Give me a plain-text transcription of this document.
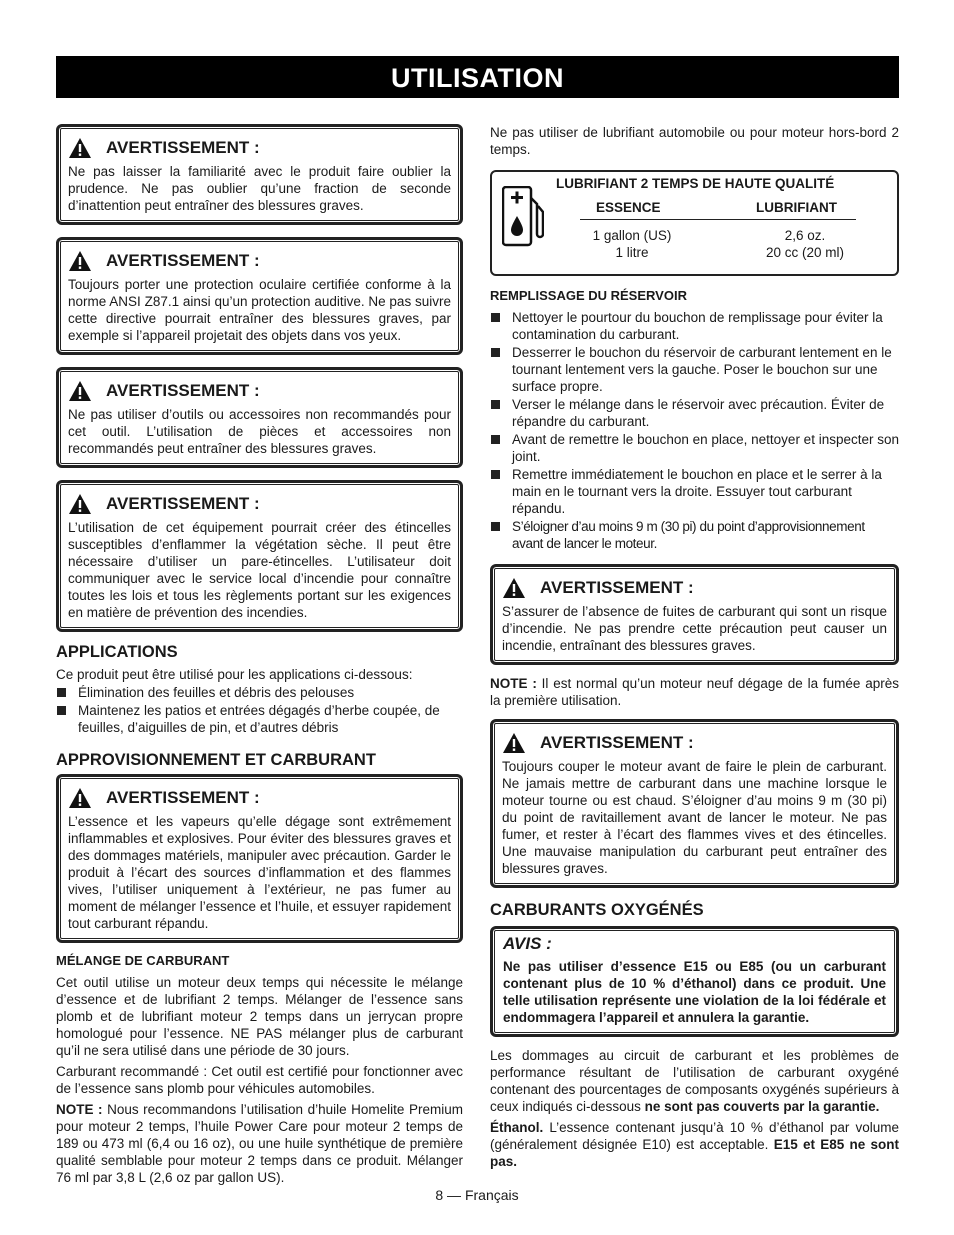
UTILISATION
AVERTISSEMENT :

Ne pas laisser la familiarité avec le produit faire oublier la prudence. Ne pas oublier qu’une fraction de seconde d’inattention peut entraîner des blessures graves.

AVERTISSEMENT :

Toujours porter une protection oculaire certifiée conforme à la norme ANSI Z87.1 ainsi qu’un protection auditive. Ne pas suivre cette directive pourrait entraîner des blessures graves, par exemple si l’appareil projetait des objets dans vos yeux.

AVERTISSEMENT :

Ne pas utiliser d’outils ou accessoires non recommandés pour cet outil. L’utilisation de pièces et accessoires non recommandés peut entraîner des blessures graves.

AVERTISSEMENT :

L’utilisation de cet équipement pourrait créer des étincelles susceptibles d’enflammer la végétation sèche. Il peut être nécessaire d’utiliser un pare-étincelles. L’utilisateur doit communiquer avec le service local d’incendie pour connaître toutes les lois et tous les règlements portant sur les exigences en matière de prévention des incendies.

APPLICATIONS

Ce produit peut être utilisé pour les applications ci-dessous:

Élimination des feuilles et débris des pelouses
Maintenez les patios et entrées dégagés d’herbe coupée, de feuilles, d’aiguilles de pin, et d’autres débris
APPROVISIONNEMENT ET CARBURANT
AVERTISSEMENT :

L’essence et les vapeurs qu’elle dégage sont extrêmement inflammables et explosives. Pour éviter des blessures graves et des dommages matériels, manipuler avec précaution. Garder le produit à l’écart des sources d’inflammation et des flammes vives, l’utiliser uniquement à l’extérieur, ne pas fumer au moment de mélanger l’essence et l’huile, et essuyer rapidement tout carburant répandu.

MÉLANGE DE CARBURANT

Cet outil utilise un moteur deux temps qui nécessite le mélange d’essence et de lubrifiant 2 temps. Mélanger de l’essence sans plomb et de lubrifiant moteur 2 temps dans un jerrycan propre homologué pour l’essence. NE PAS mélanger plus de carburant qu’il ne sera utilisé dans une période de 30 jours.

Carburant recommandé : Cet outil est certifié pour fonctionner avec de l’essence sans plomb pour véhicules automobiles.

NOTE : Nous recommandons l’utilisation d’huile Homelite Premium pour moteur 2 temps, l’huile Power Care pour moteur 2 temps de 189 ou 473 ml (6,4 ou 16 oz), ou une huile synthétique de première qualité semblable pour moteur 2 temps dans ce produit. Mélanger 76 ml par 3,8 L (2,6 oz par gallon US).

Ne pas utiliser de lubrifiant automobile ou pour moteur hors-bord 2 temps.

LUBRIFIANT 2 TEMPS DE HAUTE QUALITÉ
ESSENCE	LUBRIFIANT
1 gallon (US)
1 litre
2,6 oz.
20 cc (20 ml)
REMPLISSAGE DU RÉSERVOIR
Nettoyer le pourtour du bouchon de remplissage pour éviter la contamination du carburant.
Desserrer le bouchon du réservoir de carburant lentement en le tournant lentement vers la gauche. Poser le bouchon sur une surface propre.
Verser le mélange dans le réservoir avec précaution. Éviter de répandre du carburant.
Avant de remettre le bouchon en place, nettoyer et inspecter son joint.
Remettre immédiatement le bouchon en place et le serrer à la main en le tournant vers la droite. Essuyer tout carburant répandu.
S’éloigner d’au moins 9 m (30 pi) du point d’approvisionnement avant de lancer le moteur.
AVERTISSEMENT :

S’assurer de l’absence de fuites de carburant qui sont un risque d’incendie. Ne pas prendre cette précaution peut causer un incendie, entraînant des blessures graves.

NOTE : Il est normal qu’un moteur neuf dégage de la fumée après la première utilisation.

AVERTISSEMENT :

Toujours couper le moteur avant de faire le plein de carburant. Ne jamais mettre de carburant dans une machine lorsque le moteur tourne ou est chaud. S’éloigner d’au moins 9 m (30 pi) du point de ravitaillement avant de lancer le moteur. Ne pas fumer, et rester à l’écart des flammes vives et des étincelles. Une mauvaise manipulation du carburant peut entraîner des blessures graves.

CARBURANTS OXYGÉNÉS
AVIS :

Ne pas utiliser d’essence E15 ou E85 (ou un carburant contenant plus de 10 % d’éthanol) dans ce produit. Une telle utilisation représente une violation de la loi fédérale et endommagera l’appareil et annulera la garantie.

Les dommages au circuit de carburant et les problèmes de performance résultant de l’utilisation de carburant oxygéné contenant des pourcentages de composants oxygénés supérieurs à ceux indiqués ci-dessous ne sont pas couverts par la garantie.

Éthanol. L’essence contenant jusqu’à 10 % d’éthanol par volume (généralement désignée E10) est acceptable. E15 et E85 ne sont pas.

8 — Français
